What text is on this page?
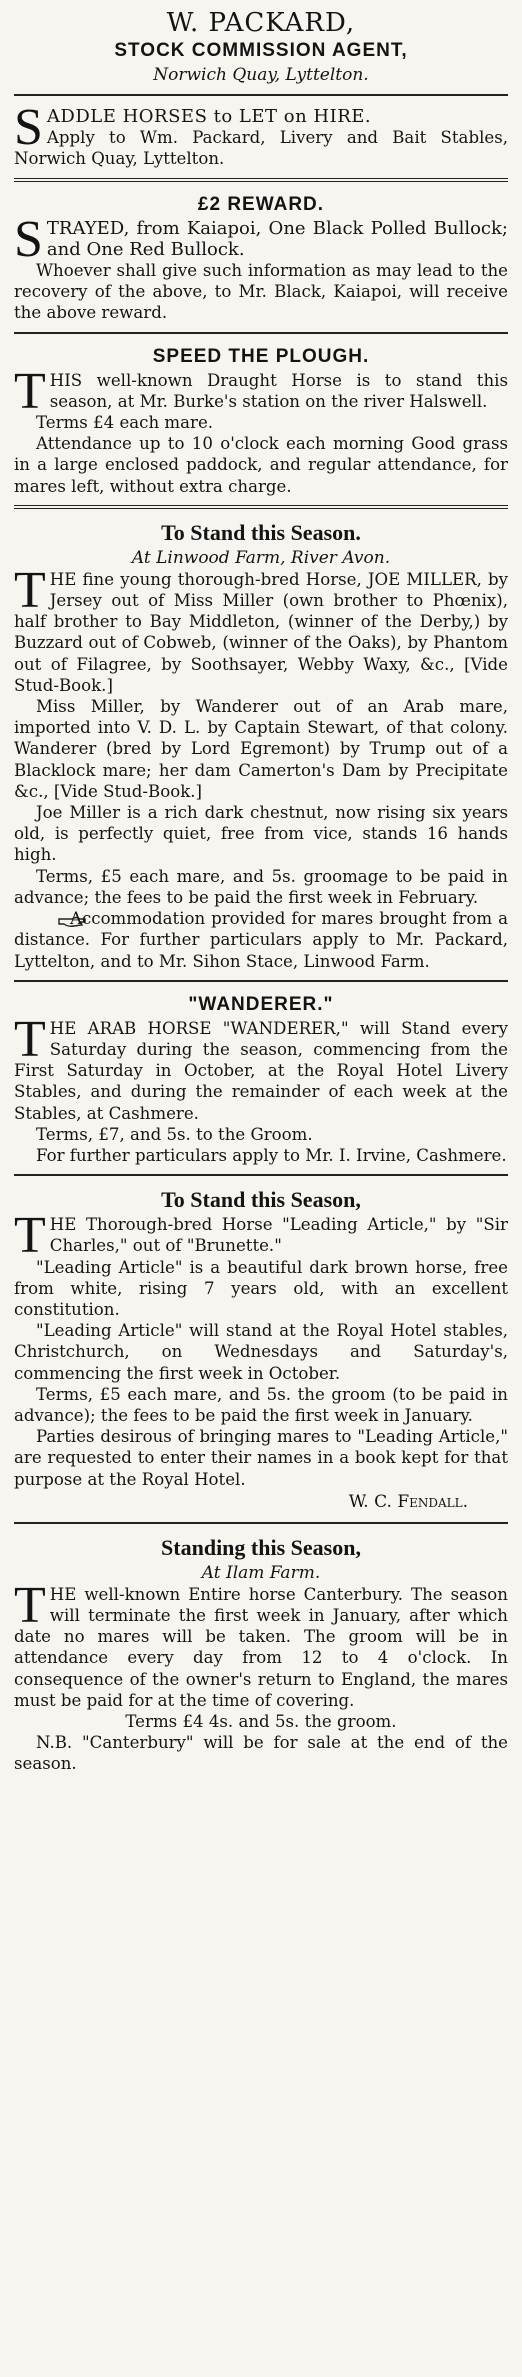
W. PACKARD,
STOCK COMMISSION AGENT,
Norwich Quay, Lyttelton.
S ADDLE HORSES to LET on HIRE.

Apply to Wm. Packard, Livery and Bait Stables, Norwich Quay, Lyttelton.

£2 REWARD.
S TRAYED, from Kaiapoi, One Black Polled Bullock; and One Red Bullock.

Whoever shall give such information as may lead to the recovery of the above, to Mr. Black, Kaiapoi, will receive the above reward.

SPEED THE PLOUGH.
T HIS well-known Draught Horse is to stand this season, at Mr. Burke's station on the river Halswell.

Terms £4 each mare.

Attendance up to 10 o'clock each morning Good grass in a large enclosed paddock, and regular attendance, for mares left, without extra charge.

To Stand this Season.
At Linwood Farm, River Avon.
T HE fine young thorough-bred Horse, JOE MILLER, by Jersey out of Miss Miller (own brother to Phœnix), half brother to Bay Middleton, (winner of the Derby,) by Buzzard out of Cobweb, (winner of the Oaks), by Phantom out of Filagree, by Soothsayer, Webby Waxy, &c., [Vide Stud-Book.]

Miss Miller, by Wanderer out of an Arab mare, imported into V. D. L. by Captain Stewart, of that colony. Wanderer (bred by Lord Egremont) by Trump out of a Blacklock mare; her dam Camerton's Dam by Precipitate &c., [Vide Stud-Book.]

Joe Miller is a rich dark chestnut, now rising six years old, is perfectly quiet, free from vice, stands 16 hands high.

Terms, £5 each mare, and 5s. groomage to be paid in advance; the fees to be paid the first week in February.

Accommodation provided for mares brought from a distance. For further particulars apply to Mr. Packard, Lyttelton, and to Mr. Sihon Stace, Linwood Farm.

"WANDERER."
T HE ARAB HORSE "WANDERER," will Stand every Saturday during the season, commencing from the First Saturday in October, at the Royal Hotel Livery Stables, and during the remainder of each week at the Stables, at Cashmere.

Terms, £7, and 5s. to the Groom.

For further particulars apply to Mr. I. Irvine, Cashmere.

To Stand this Season,
T HE Thorough-bred Horse "Leading Article," by "Sir Charles," out of "Brunette."

"Leading Article" is a beautiful dark brown horse, free from white, rising 7 years old, with an excellent constitution.

"Leading Article" will stand at the Royal Hotel stables, Christchurch, on Wednesdays and Saturday's, commencing the first week in October.

Terms, £5 each mare, and 5s. the groom (to be paid in advance); the fees to be paid the first week in January.

Parties desirous of bringing mares to "Leading Article," are requested to enter their names in a book kept for that purpose at the Royal Hotel.

W. C. Fendall.
Standing this Season,
At Ilam Farm.
T HE well-known Entire horse Canterbury. The season will terminate the first week in January, after which date no mares will be taken. The groom will be in attendance every day from 12 to 4 o'clock. In consequence of the owner's return to England, the mares must be paid for at the time of covering.

Terms £4 4s. and 5s. the groom.

N.B. "Canterbury" will be for sale at the end of the season.
